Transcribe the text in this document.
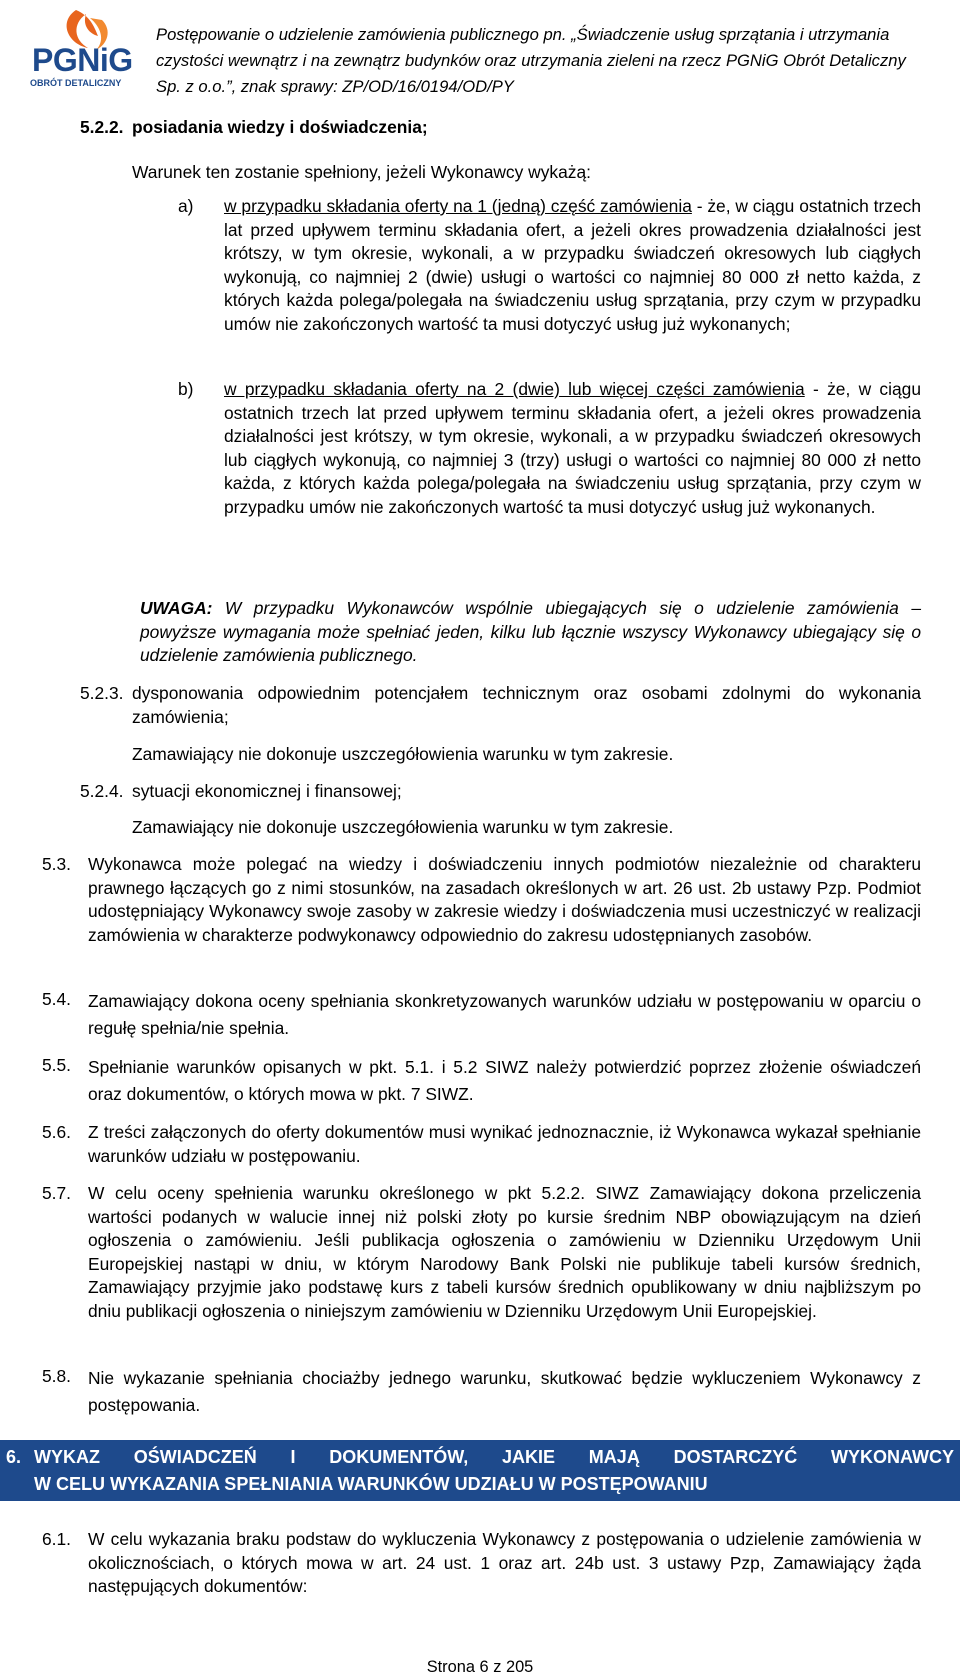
PGNiG
OBRÓT DETALICZNY
Postępowanie o udzielenie zamówienia publicznego pn. „Świadczenie usług sprzątania i utrzymania czystości wewnątrz i na zewnątrz budynków oraz utrzymania zieleni na rzecz PGNiG Obrót Detaliczny Sp. z o.o.”, znak sprawy: ZP/OD/16/0194/OD/PY
5.2.2. posiadania wiedzy i doświadczenia;
Warunek ten zostanie spełniony, jeżeli Wykonawcy wykażą:
a) w przypadku składania oferty na 1 (jedną) część zamówienia - że, w ciągu ostatnich trzech lat przed upływem terminu składania ofert, a jeżeli okres prowadzenia działalności jest krótszy, w tym okresie, wykonali, a w przypadku świadczeń okresowych lub ciągłych wykonują, co najmniej 2 (dwie) usługi o wartości co najmniej 80 000 zł netto każda, z których każda polega/polegała na świadczeniu usług sprzątania, przy czym w przypadku umów nie zakończonych wartość ta musi dotyczyć usług już wykonanych;
b) w przypadku składania oferty na 2 (dwie) lub więcej części zamówienia - że, w ciągu ostatnich trzech lat przed upływem terminu składania ofert, a jeżeli okres prowadzenia działalności jest krótszy, w tym okresie, wykonali, a w przypadku świadczeń okresowych lub ciągłych wykonują, co najmniej 3 (trzy) usługi o wartości co najmniej 80 000 zł netto każda, z których każda polega/polegała na świadczeniu usług sprzątania, przy czym w przypadku umów nie zakończonych wartość ta musi dotyczyć usług już wykonanych.
UWAGA: W przypadku Wykonawców wspólnie ubiegających się o udzielenie zamówienia – powyższe wymagania może spełniać jeden, kilku lub łącznie wszyscy Wykonawcy ubiegający się o udzielenie zamówienia publicznego.
5.2.3. dysponowania odpowiednim potencjałem technicznym oraz osobami zdolnymi do wykonania zamówienia;
Zamawiający nie dokonuje uszczegółowienia warunku w tym zakresie.
5.2.4. sytuacji ekonomicznej i finansowej;
Zamawiający nie dokonuje uszczegółowienia warunku w tym zakresie.
5.3. Wykonawca może polegać na wiedzy i doświadczeniu innych podmiotów niezależnie od charakteru prawnego łączących go z nimi stosunków, na zasadach określonych w art. 26 ust. 2b ustawy Pzp. Podmiot udostępniający Wykonawcy swoje zasoby w zakresie wiedzy i doświadczenia musi uczestniczyć w realizacji zamówienia w charakterze podwykonawcy odpowiednio do zakresu udostępnianych zasobów.
5.4. Zamawiający dokona oceny spełniania skonkretyzowanych warunków udziału w postępowaniu w oparciu o regułę spełnia/nie spełnia.
5.5. Spełnianie warunków opisanych w pkt. 5.1. i 5.2 SIWZ należy potwierdzić poprzez złożenie oświadczeń oraz dokumentów, o których mowa w pkt. 7 SIWZ.
5.6. Z treści załączonych do oferty dokumentów musi wynikać jednoznacznie, iż Wykonawca wykazał spełnianie warunków udziału w postępowaniu.
5.7. W celu oceny spełnienia warunku określonego w pkt 5.2.2. SIWZ Zamawiający dokona przeliczenia wartości podanych w walucie innej niż polski złoty po kursie średnim NBP obowiązującym na dzień ogłoszenia o zamówieniu. Jeśli publikacja ogłoszenia o zamówieniu w Dzienniku Urzędowym Unii Europejskiej nastąpi w dniu, w którym Narodowy Bank Polski nie publikuje tabeli kursów średnich, Zamawiający przyjmie jako podstawę kurs z tabeli kursów średnich opublikowany w dniu najbliższym po dniu publikacji ogłoszenia o niniejszym zamówieniu w Dzienniku Urzędowym Unii Europejskiej.
5.8. Nie wykazanie spełniania chociażby jednego warunku, skutkować będzie wykluczeniem Wykonawcy z postępowania.
6. WYKAZ OŚWIADCZEŃ I DOKUMENTÓW, JAKIE MAJĄ DOSTARCZYĆ WYKONAWCY
W CELU WYKAZANIA SPEŁNIANIA WARUNKÓW UDZIAŁU W POSTĘPOWANIU
6.1. W celu wykazania braku podstaw do wykluczenia Wykonawcy z postępowania o udzielenie zamówienia w okolicznościach, o których mowa w art. 24 ust. 1 oraz art. 24b ust. 3 ustawy Pzp, Zamawiający żąda następujących dokumentów:
Strona 6 z 205
